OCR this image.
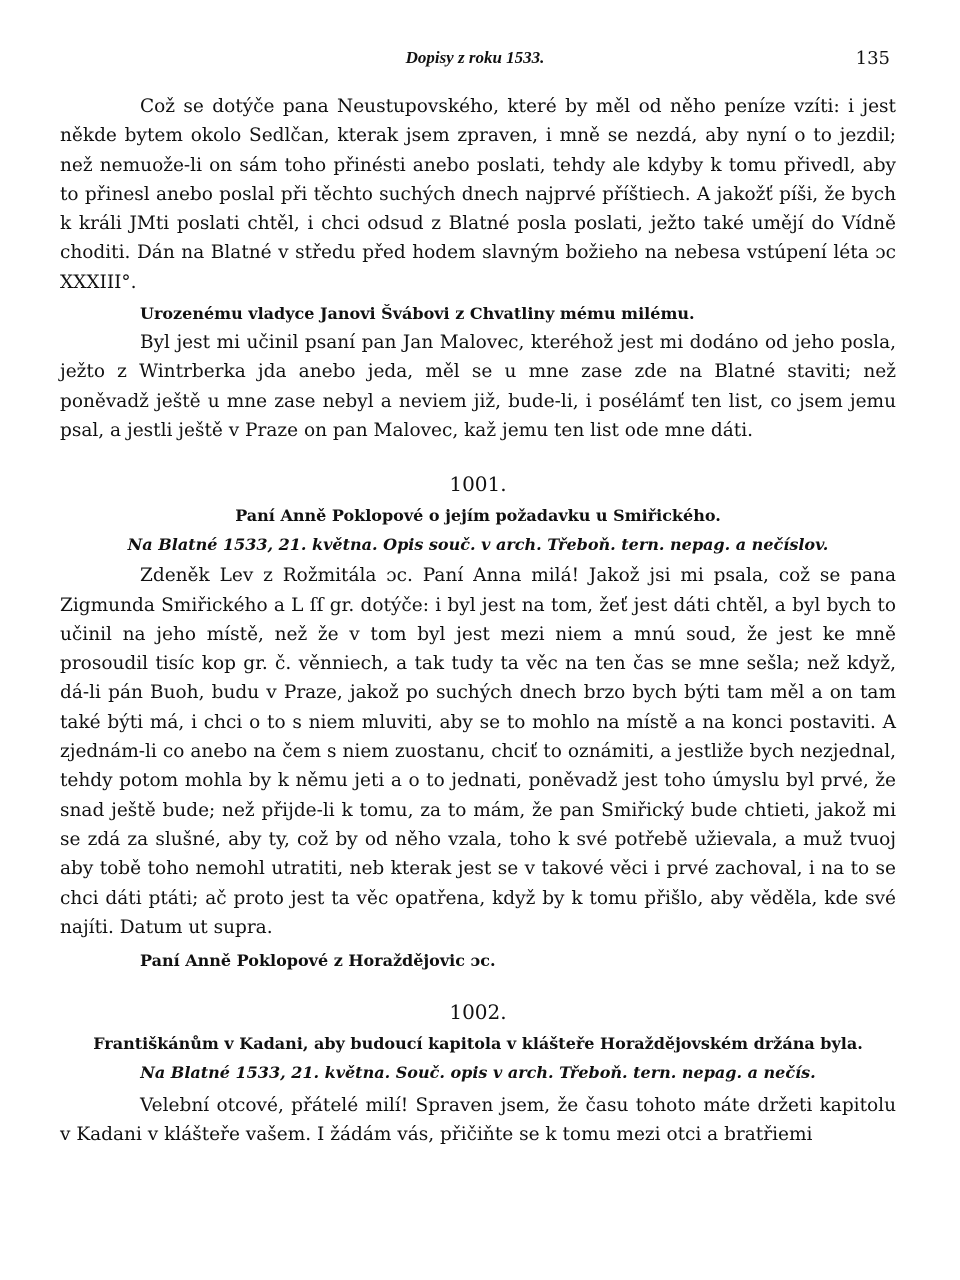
Dopisy z roku 1533.	135

Což se dotýče pana Neustupovského, které by měl od něho peníze vzíti: i jest někde bytem okolo Sedlčan, kterak jsem zpraven, i mně se nezdá, aby nyní o to jezdil; než nemuože-li on sám toho přinésti anebo poslati, tehdy ale kdyby k tomu přivedl, aby to přinesl anebo poslal při těchto suchých dnech najprvé příštiech. A jakožť píši, že bych k králi JMti poslati chtěl, i chci odsud z Blatné posla poslati, ježto také umějí do Vídně choditi. Dán na Blatné v středu před hodem slavným božieho na nebesa vstúpení léta ɔc XXXIII°.

Urozenému vladyce Janovi Švábovi z Chvatliny mému milému.

Byl jest mi učinil psaní pan Jan Malovec, kteréhož jest mi dodáno od jeho posla, ježto z Wintrberka jda anebo jeda, měl se u mne zase zde na Blatné staviti; než poněvadž ještě u mne zase nebyl a neviem již, bude-li, i posélámť ten list, co jsem jemu psal, a jestli ještě v Praze on pan Malovec, kaž jemu ten list ode mne dáti.

1001.
Paní Anně Poklopové o jejím požadavku u Smiřického.
Na Blatné 1533, 21. května. Opis souč. v arch. Třeboň. tern. nepag. a nečíslov.

Zdeněk Lev z Rožmitála ɔc. Paní Anna milá! Jakož jsi mi psala, což se pana Zigmunda Smiřického a L ſſ gr. dotýče: i byl jest na tom, žeť jest dáti chtěl, a byl bych to učinil na jeho místě, než že v tom byl jest mezi niem a mnú soud, že jest ke mně prosoudil tisíc kop gr. č. věnniech, a tak tudy ta věc na ten čas se mne sešla; než když, dá-li pán Buoh, budu v Praze, jakož po suchých dnech brzo bych býti tam měl a on tam také býti má, i chci o to s niem mluviti, aby se to mohlo na místě a na konci postaviti. A zjednám-li co anebo na čem s niem zuostanu, chciť to oznámiti, a jestliže bych nezjednal, tehdy potom mohla by k němu jeti a o to jednati, poněvadž jest toho úmyslu byl prvé, že snad ještě bude; než přijde-li k tomu, za to mám, že pan Smiřický bude chtieti, jakož mi se zdá za slušné, aby ty, což by od něho vzala, toho k své potřebě užievala, a muž tvuoj aby tobě toho nemohl utratiti, neb kterak jest se v takové věci i prvé zachoval, i na to se chci dáti ptáti; ač proto jest ta věc opatřena, když by k tomu přišlo, aby věděla, kde své najíti. Datum ut supra.

Paní Anně Poklopové z Horaždějovic ɔc.
1002.
Františkánům v Kadani, aby budoucí kapitola v klášteře Horaždějovském držána byla.
Na Blatné 1533, 21. května. Souč. opis v arch. Třeboň. tern. nepag. a nečís.

Velební otcové, přátelé milí! Spraven jsem, že času tohoto máte držeti kapitolu v Kadani v klášteře vašem. I žádám vás, přičiňte se k tomu mezi otci a bratřiemi
